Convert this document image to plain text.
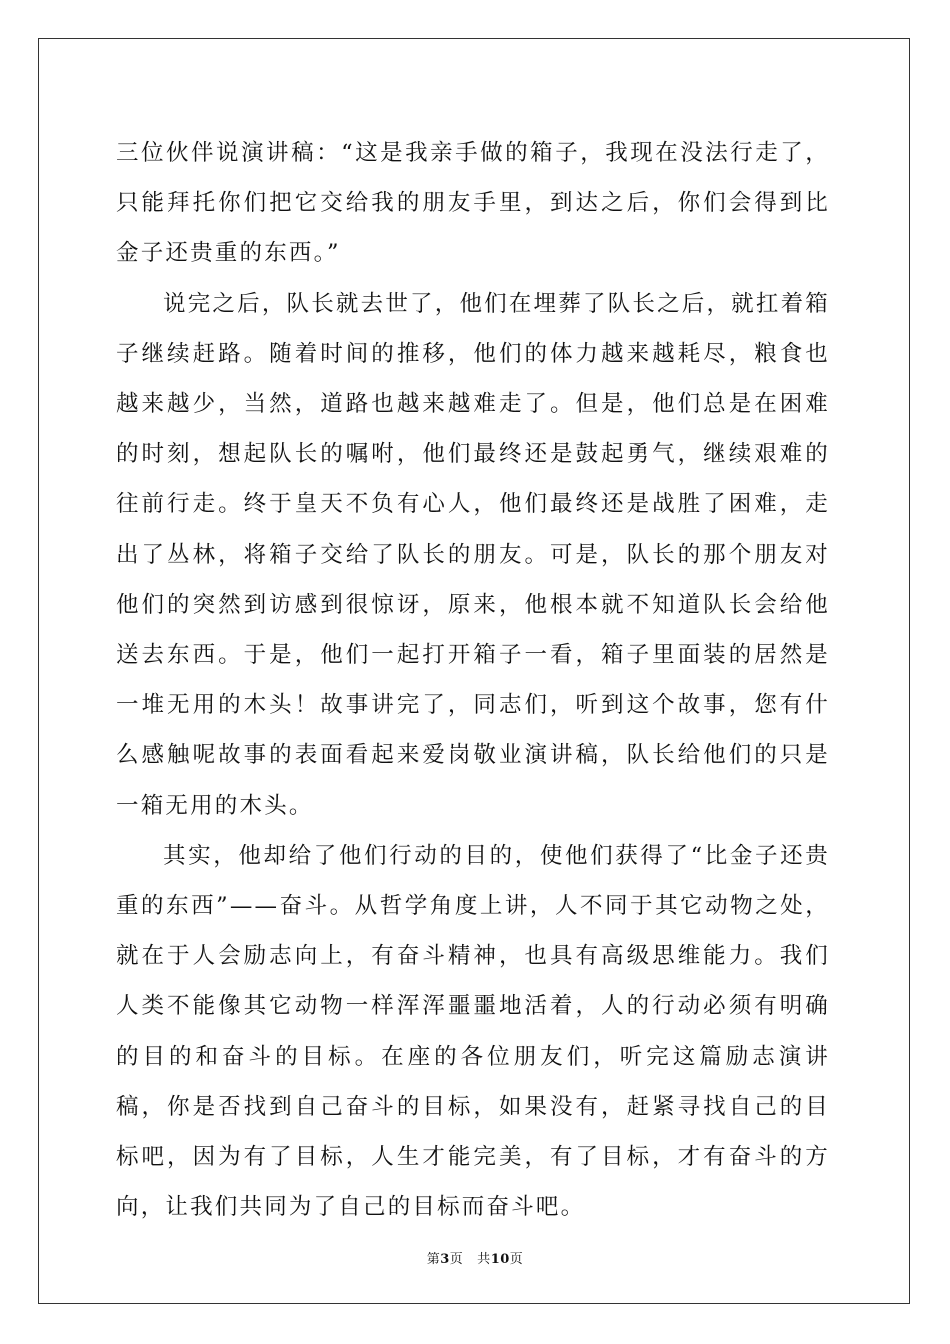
三位伙伴说演讲稿：“这是我亲手做的箱子，我现在没法行走了，只能拜托你们把它交给我的朋友手里，到达之后，你们会得到比金子还贵重的东西。”

说完之后，队长就去世了，他们在埋葬了队长之后，就扛着箱子继续赶路。随着时间的推移，他们的体力越来越耗尽，粮食也越来越少，当然，道路也越来越难走了。但是，他们总是在困难的时刻，想起队长的嘱咐，他们最终还是鼓起勇气，继续艰难的往前行走。终于皇天不负有心人，他们最终还是战胜了困难，走出了丛林，将箱子交给了队长的朋友。可是，队长的那个朋友对他们的突然到访感到很惊讶，原来，他根本就不知道队长会给他送去东西。于是，他们一起打开箱子一看，箱子里面装的居然是一堆无用的木头！故事讲完了，同志们，听到这个故事，您有什么感触呢故事的表面看起来爱岗敬业演讲稿，队长给他们的只是一箱无用的木头。

其实，他却给了他们行动的目的，使他们获得了“比金子还贵重的东西”——奋斗。从哲学角度上讲，人不同于其它动物之处，就在于人会励志向上，有奋斗精神，也具有高级思维能力。我们人类不能像其它动物一样浑浑噩噩地活着，人的行动必须有明确的目的和奋斗的目标。在座的各位朋友们，听完这篇励志演讲稿，你是否找到自己奋斗的目标，如果没有，赶紧寻找自己的目标吧，因为有了目标，人生才能完美，有了目标，才有奋斗的方向，让我们共同为了自己的目标而奋斗吧。

第3页 共10页
